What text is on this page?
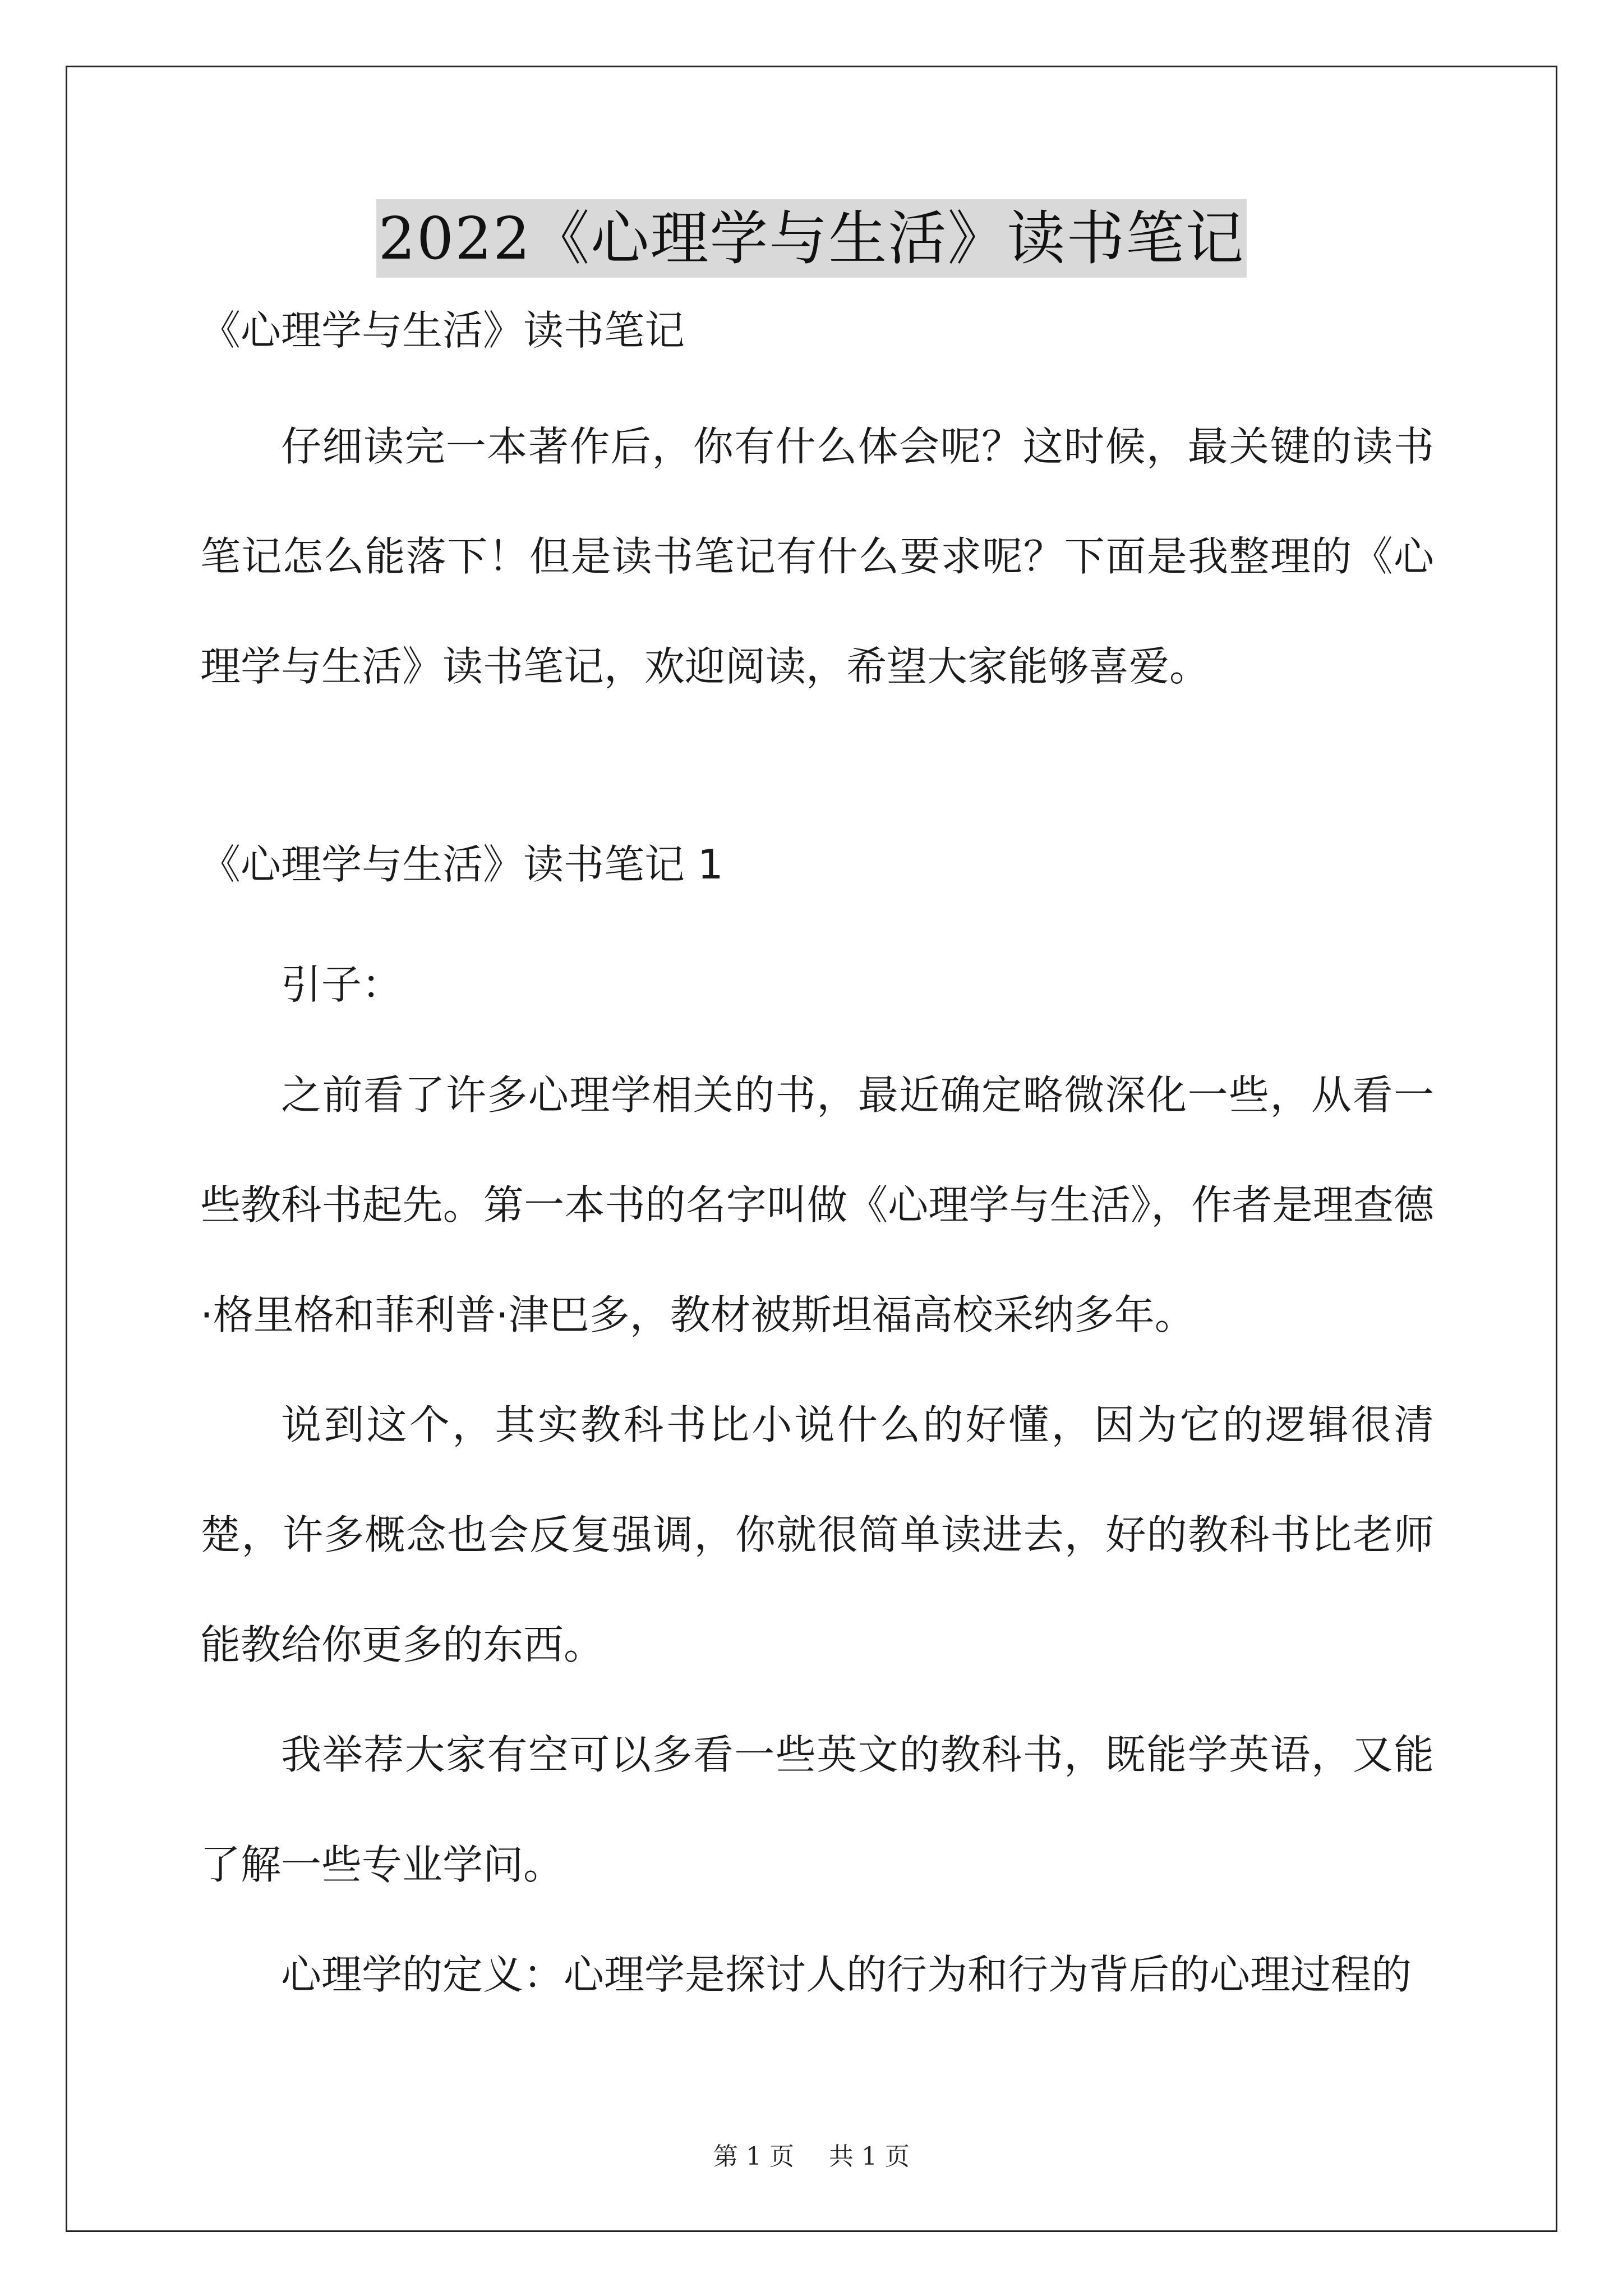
2022《心理学与生活》读书笔记

《心理学与生活》读书笔记

仔细读完一本著作后，你有什么体会呢？这时候，最关键的读书笔记怎么能落下！但是读书笔记有什么要求呢？下面是我整理的《心理学与生活》读书笔记，欢迎阅读，希望大家能够喜爱。

《心理学与生活》读书笔记 1

引子：

之前看了许多心理学相关的书，最近确定略微深化一些，从看一些教科书起先。第一本书的名字叫做《心理学与生活》，作者是理查德·格里格和菲利普·津巴多，教材被斯坦福高校采纳多年。

说到这个，其实教科书比小说什么的好懂，因为它的逻辑很清楚，许多概念也会反复强调，你就很简单读进去，好的教科书比老师能教给你更多的东西。

我举荐大家有空可以多看一些英文的教科书，既能学英语，又能了解一些专业学问。

心理学的定义：心理学是探讨人的行为和行为背后的心理过程的

第 1 页 共 1 页
